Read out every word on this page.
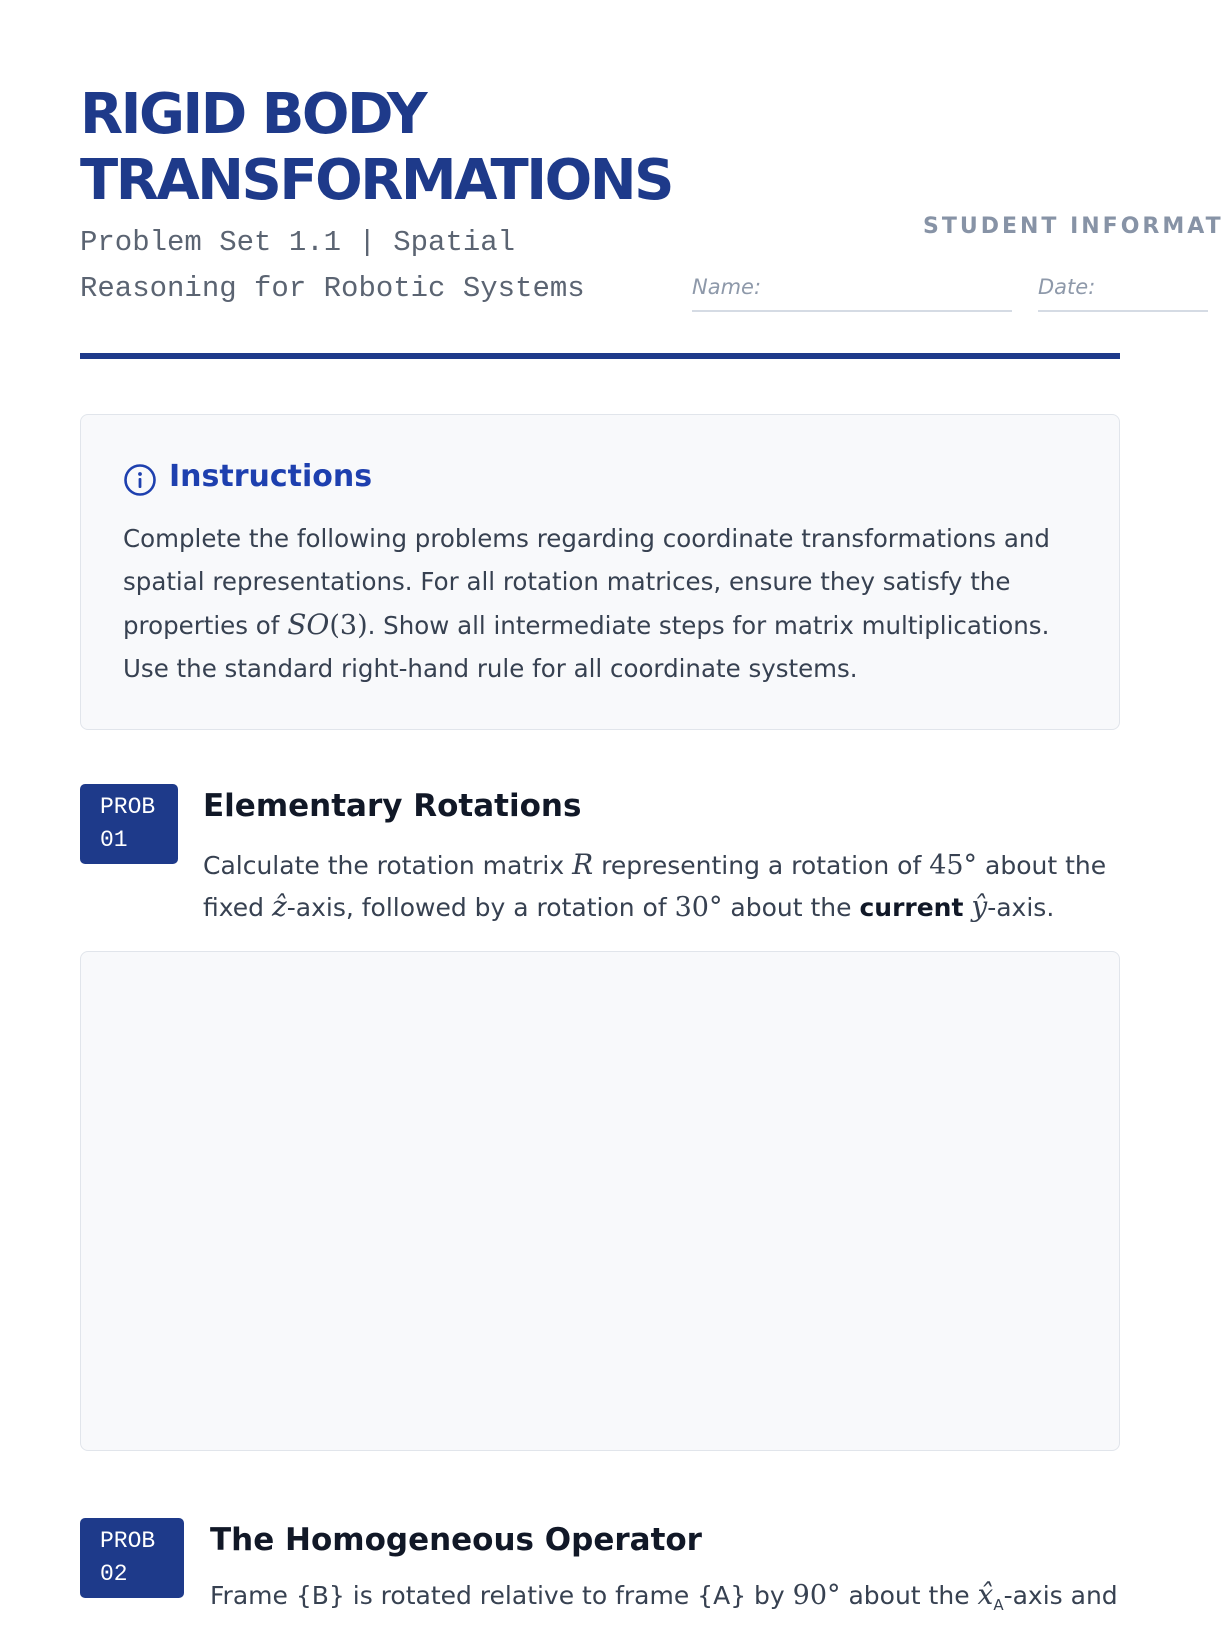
RIGID BODY
TRANSFORMATIONS

Problem Set 1.1 | Spatial Reasoning for Robotic Systems

STUDENT INFORMAT
Name:	Date:
Instructions

Complete the following problems regarding coordinate transformations and spatial representations. For all rotation matrices, ensure they satisfy the properties of SO(3). Show all intermediate steps for matrix multiplications. Use the standard right-hand rule for all coordinate systems.

PROB
01
Elementary Rotations

Calculate the rotation matrix R representing a rotation of 45° about the fixed ẑ-axis, followed by a rotation of 30° about the current ŷ-axis.

PROB
02
The Homogeneous Operator

Frame {B} is rotated relative to frame {A} by 90° about the $x̂_A$-axis and
